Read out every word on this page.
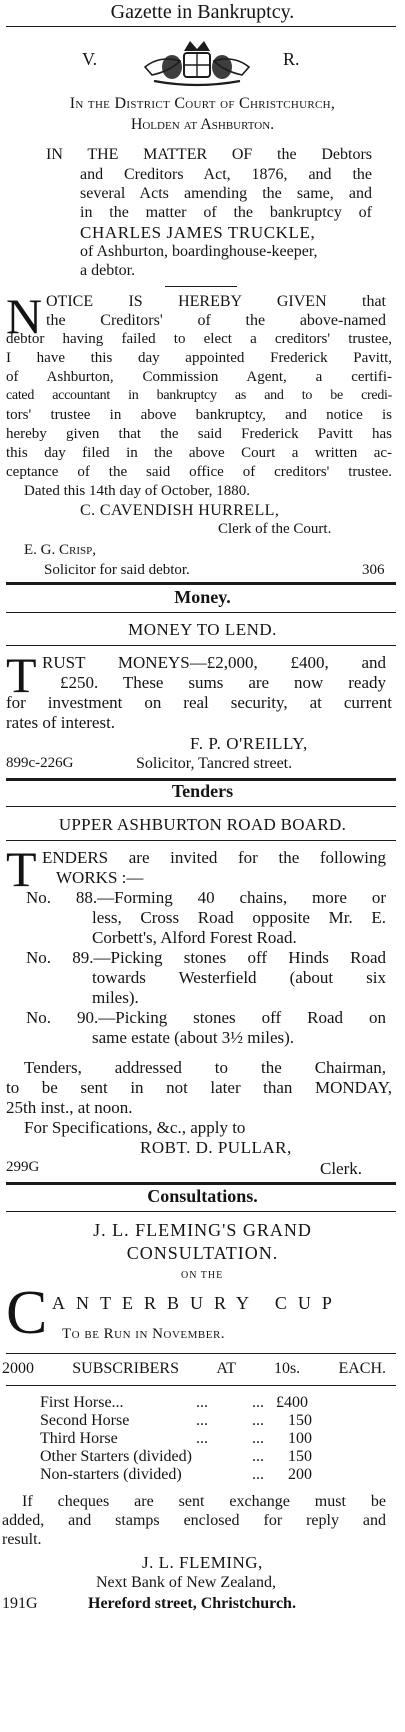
Gazette in Bankruptcy.
V.	R.
In the District Court of Christchurch,
Holden at Ashburton.
IN THE MATTER OF the Debtors
and Creditors Act, 1876, and the
several Acts amending the same, and
in the matter of the bankruptcy of
CHARLES JAMES TRUCKLE,
of Ashburton, boardinghouse-keeper,
a debtor.
N OTICE IS HEREBY GIVEN that
the Creditors' of the above-named
debtor having failed to elect a creditors' trustee,
I have this day appointed Frederick Pavitt,
of Ashburton, Commission Agent, a certifi-
cated accountant in bankruptcy as and to be credi-
tors' trustee in above bankruptcy, and notice is
hereby given that the said Frederick Pavitt has
this day filed in the above Court a written ac-
ceptance of the said office of creditors' trustee.
Dated this 14th day of October, 1880.
C. CAVENDISH HURRELL,
Clerk of the Court.
E. G. Crisp,
Solicitor for said debtor.	306
Money.
MONEY TO LEND.
T RUST MONEYS—£2,000, £400, and
£250. These sums are now ready
for investment on real security, at current
rates of interest.
F. P. O'REILLY,
899c-226G	Solicitor, Tancred street.
Tenders
UPPER ASHBURTON ROAD BOARD.
T ENDERS are invited for the following
WORKS :—
No. 88.—Forming 40 chains, more or
less, Cross Road opposite Mr. E.
Corbett's, Alford Forest Road.
No. 89.—Picking stones off Hinds Road
towards Westerfield (about six
miles).
No. 90.—Picking stones off Road on
same estate (about 3½ miles).
Tenders, addressed to the Chairman,
to be sent in not later than MONDAY,
25th inst., at noon.
For Specifications, &c., apply to
ROBT. D. PULLAR,
299G	Clerk.
Consultations.
J. L. FLEMING'S GRAND
CONSULTATION.
ON THE
C ANTERBURY CUP
To be Run in November.
2000 SUBSCRIBERS AT 10s. EACH.
First Horse...	...	... £400
Second Horse	...	... 150
Third Horse	...	... 100
Other Starters (divided)	... 150
Non-starters (divided)	... 200
If cheques are sent exchange must be
added, and stamps enclosed for reply and
result.
J. L. FLEMING,
Next Bank of New Zealand,
191G	Hereford street, Christchurch.
